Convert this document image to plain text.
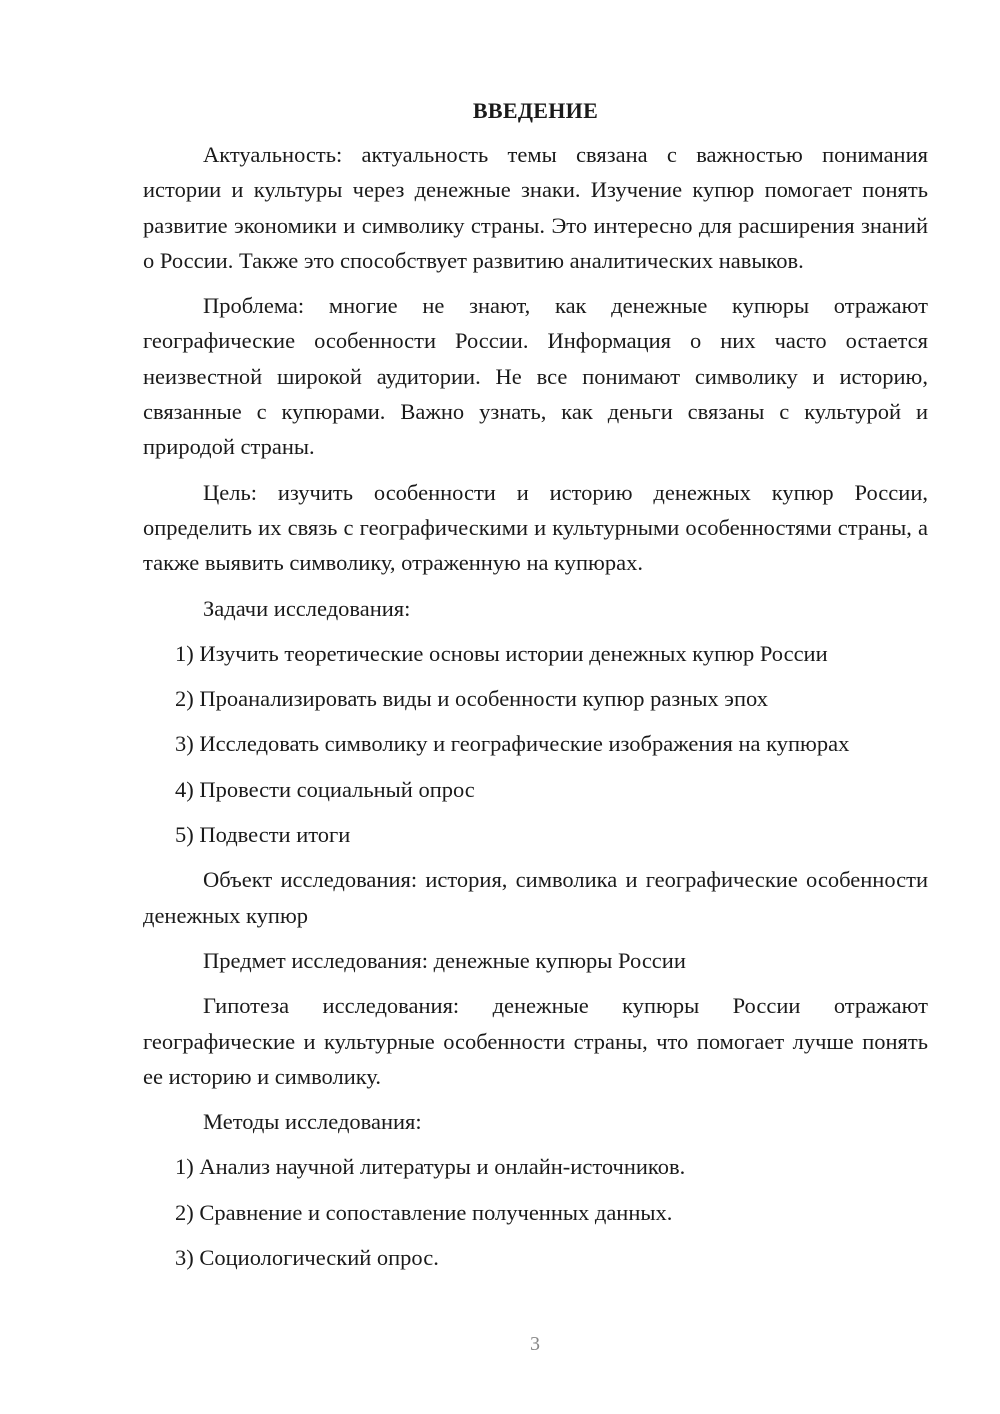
ВВЕДЕНИЕ

Актуальность: актуальность темы связана с важностью понимания истории и культуры через денежные знаки. Изучение купюр помогает понять развитие экономики и символику страны. Это интересно для расширения знаний о России. Также это способствует развитию аналитических навыков.

Проблема: многие не знают, как денежные купюры отражают географические особенности России. Информация о них часто остается неизвестной широкой аудитории. Не все понимают символику и историю, связанные с купюрами. Важно узнать, как деньги связаны с культурой и природой страны.

Цель: изучить особенности и историю денежных купюр России, определить их связь с географическими и культурными особенностями страны, а также выявить символику, отраженную на купюрах.

Задачи исследования:

1) Изучить теоретические основы истории денежных купюр России

2) Проанализировать виды и особенности купюр разных эпох

3) Исследовать символику и географические изображения на купюрах

4) Провести социальный опрос

5) Подвести итоги

Объект исследования: история, символика и географические особенности денежных купюр

Предмет исследования: денежные купюры России

Гипотеза исследования: денежные купюры России отражают географические и культурные особенности страны, что помогает лучше понять ее историю и символику.

Методы исследования:

1) Анализ научной литературы и онлайн-источников.

2) Сравнение и сопоставление полученных данных.

3) Социологический опрос.

3
